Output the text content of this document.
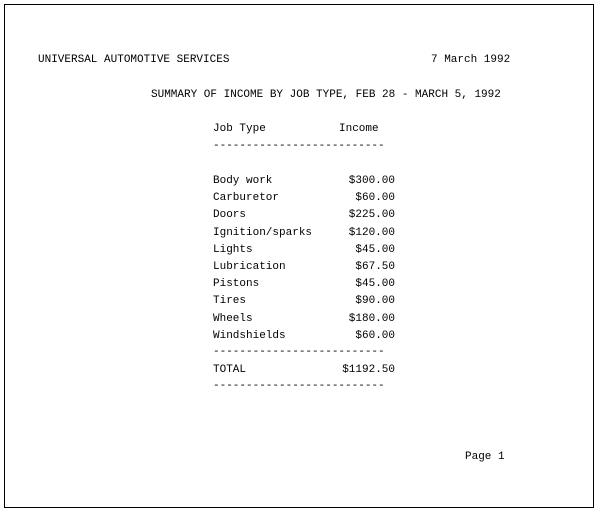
UNIVERSAL AUTOMOTIVE SERVICES	7 March 1992
SUMMARY OF INCOME BY JOB TYPE, FEB 28 - MARCH 5, 1992
Job Type	Income
--------------------------
Body work	$300.00
Carburetor	$60.00
Doors	$225.00
Ignition/sparks	$120.00
Lights	$45.00
Lubrication	$67.50
Pistons	$45.00
Tires	$90.00
Wheels	$180.00
Windshields	$60.00
--------------------------
TOTAL	$1192.50
--------------------------
Page 1
